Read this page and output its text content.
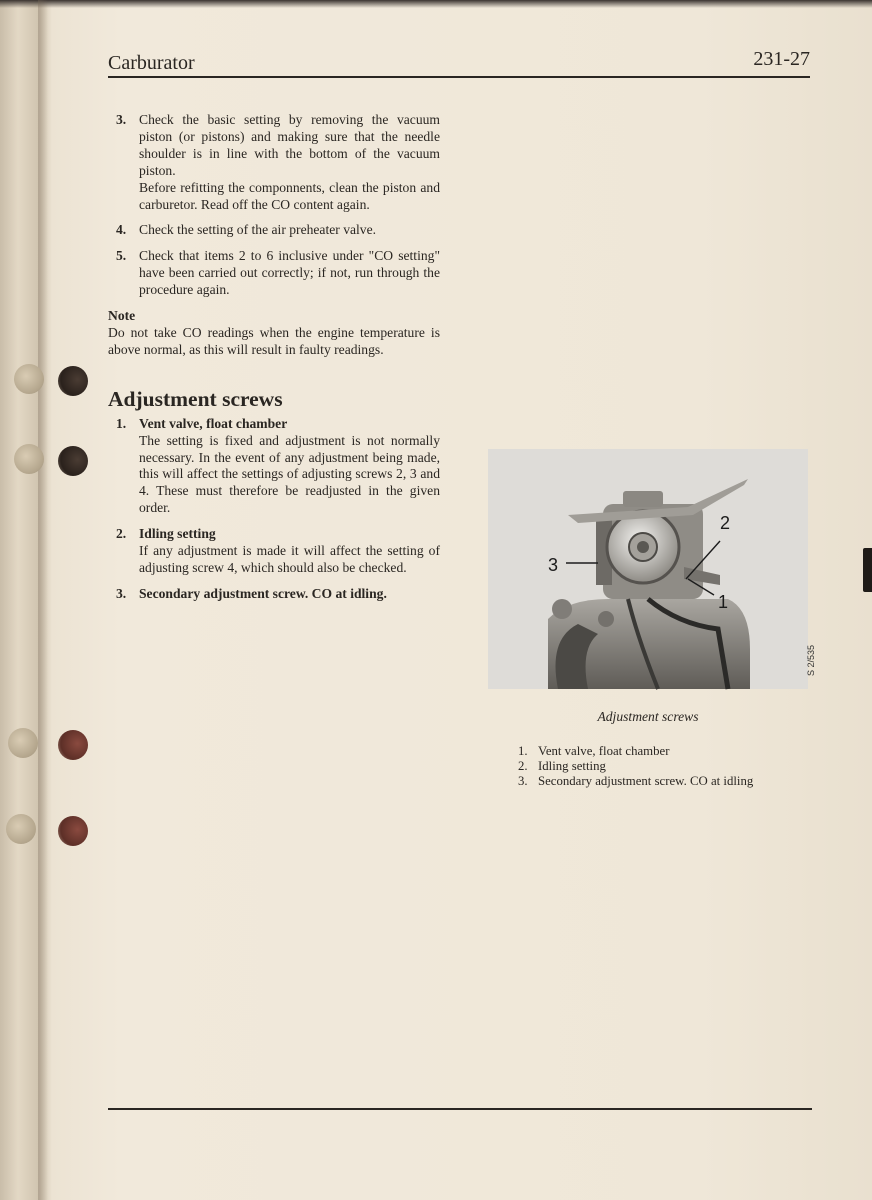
Carburator	231-27
3. Check the basic setting by removing the vacuum piston (or pistons) and making sure that the needle shoulder is in line with the bottom of the vacuum piston.

Before refitting the componnents, clean the piston and carburetor. Read off the CO content again.

4. Check the setting of the air preheater valve.

5. Check that items 2 to 6 inclusive under "CO setting" have been carried out correctly; if not, run through the procedure again.

Note

Do not take CO readings when the engine temperature is above normal, as this will result in faulty readings.

Adjustment screws
1. Vent valve, float chamber

The setting is fixed and adjustment is not normally necessary. In the event of any adjustment being made, this will affect the settings of adjusting screws 2, 3 and 4. These must therefore be readjusted in the given order.

2. Idling setting

If any adjustment is made it will affect the setting of adjusting screw 4, which should also be checked.

3. Secondary adjustment screw. CO at idling.
2
3
1
S 2/535
Adjustment screws
1. Vent valve, float chamber
2. Idling setting
3. Secondary adjustment screw. CO at idling
